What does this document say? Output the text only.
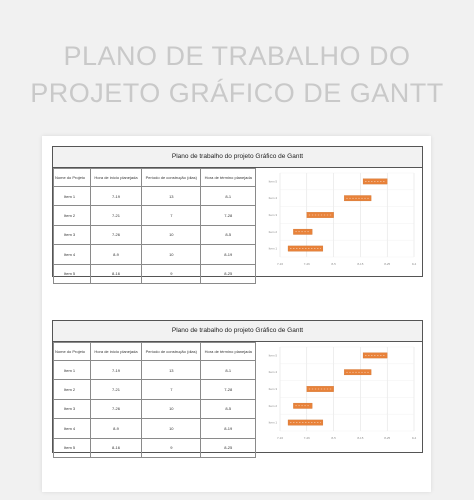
PLANO DE TRABALHO DO
PROJETO GRÁFICO DE GANTT
Plano de trabalho do projeto Gráfico de Gantt
Nome do Projeto	Hora de início planejada	Período de construção (dias)	Hora de término planejada
Item 1	7-19	13	8-1
Item 2	7-21	7	7-28
Item 3	7-26	10	8-5
Item 4	8-9	10	8-19
Item 5	8-16	9	8-25
Item 5
Item 4
Item 3
Item 2
Item 1
7-16	7-26	8-5	8-15	8-25	9-4
Plano de trabalho do projeto Gráfico de Gantt
Nome do Projeto	Hora de início planejada	Período de construção (dias)	Hora de término planejada
Item 1	7-19	13	8-1
Item 2	7-21	7	7-28
Item 3	7-26	10	8-5
Item 4	8-9	10	8-19
Item 5	8-16	9	8-25
Item 5
Item 4
Item 3
Item 2
Item 1
7-16	7-26	8-5	8-15	8-25	9-4
